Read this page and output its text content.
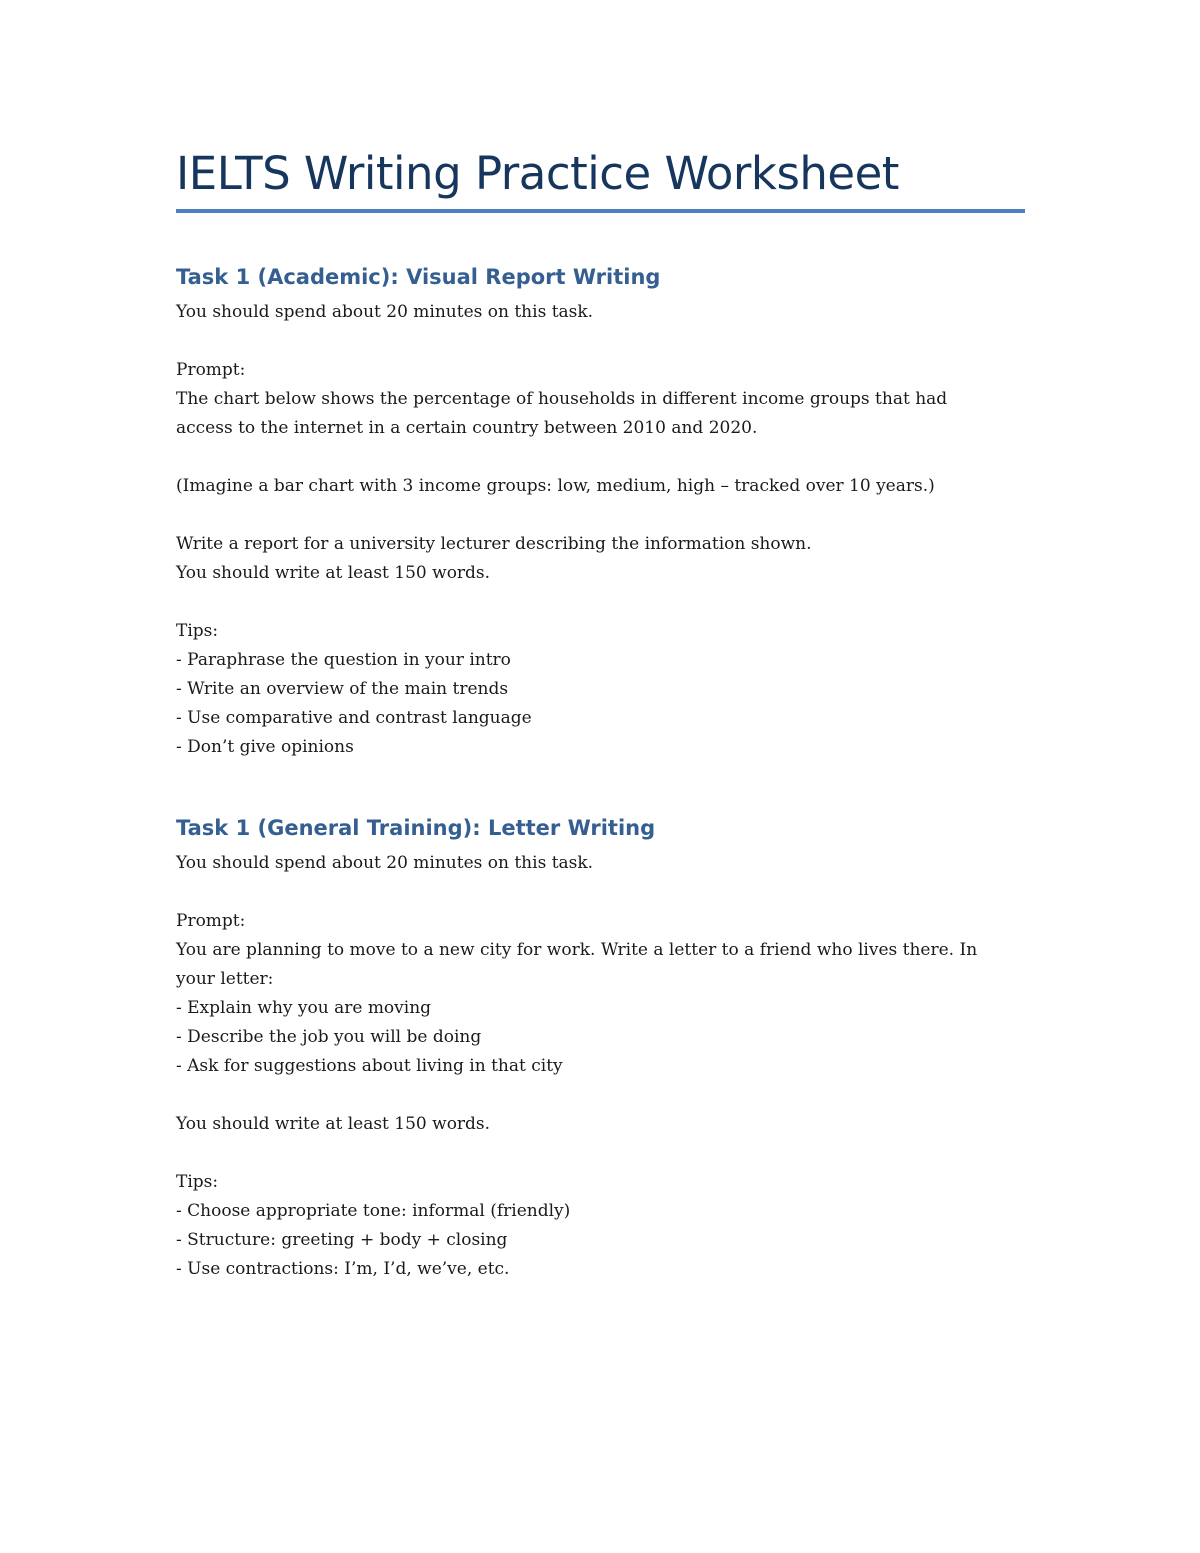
IELTS Writing Practice Worksheet
Task 1 (Academic): Visual Report Writing
You should spend about 20 minutes on this task.
Prompt:
The chart below shows the percentage of households in different income groups that had
access to the internet in a certain country between 2010 and 2020.
(Imagine a bar chart with 3 income groups: low, medium, high – tracked over 10 years.)
Write a report for a university lecturer describing the information shown.
You should write at least 150 words.
Tips:
- Paraphrase the question in your intro
- Write an overview of the main trends
- Use comparative and contrast language
- Don’t give opinions
Task 1 (General Training): Letter Writing
You should spend about 20 minutes on this task.
Prompt:
You are planning to move to a new city for work. Write a letter to a friend who lives there. In
your letter:
- Explain why you are moving
- Describe the job you will be doing
- Ask for suggestions about living in that city
You should write at least 150 words.
Tips:
- Choose appropriate tone: informal (friendly)
- Structure: greeting + body + closing
- Use contractions: I’m, I’d, we’ve, etc.
